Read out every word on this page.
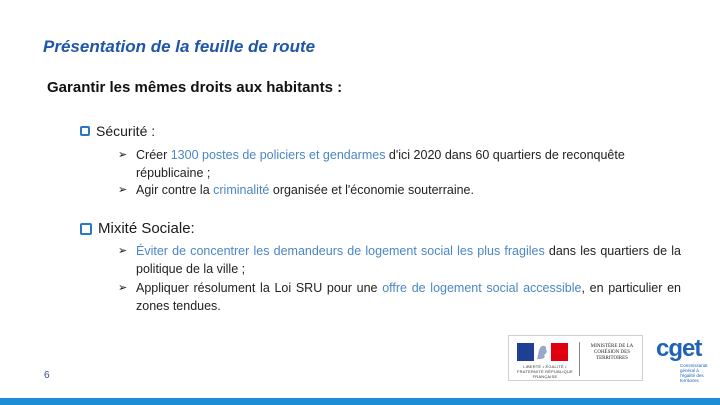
Présentation de la feuille de route
Garantir les mêmes droits aux habitants :
Sécurité :
➢ Créer 1300 postes de policiers et gendarmes d'ici 2020 dans 60 quartiers de reconquête républicaine ;
➢ Agir contre la criminalité organisée et l'économie souterraine.
Mixité Sociale:
➢ Éviter de concentrer les demandeurs de logement social les plus fragiles dans les quartiers de la politique de la ville ;
➢ Appliquer résolument la Loi SRU pour une offre de logement social accessible, en particulier en zones tendues.
6
LIBERTÉ • ÉGALITÉ • FRATERNITÉ RÉPUBLIQUE FRANÇAISE
MINISTÈRE DE LA COHÉSION DES TERRITOIRES	cget
Commissariat général à l'égalité des territoires
